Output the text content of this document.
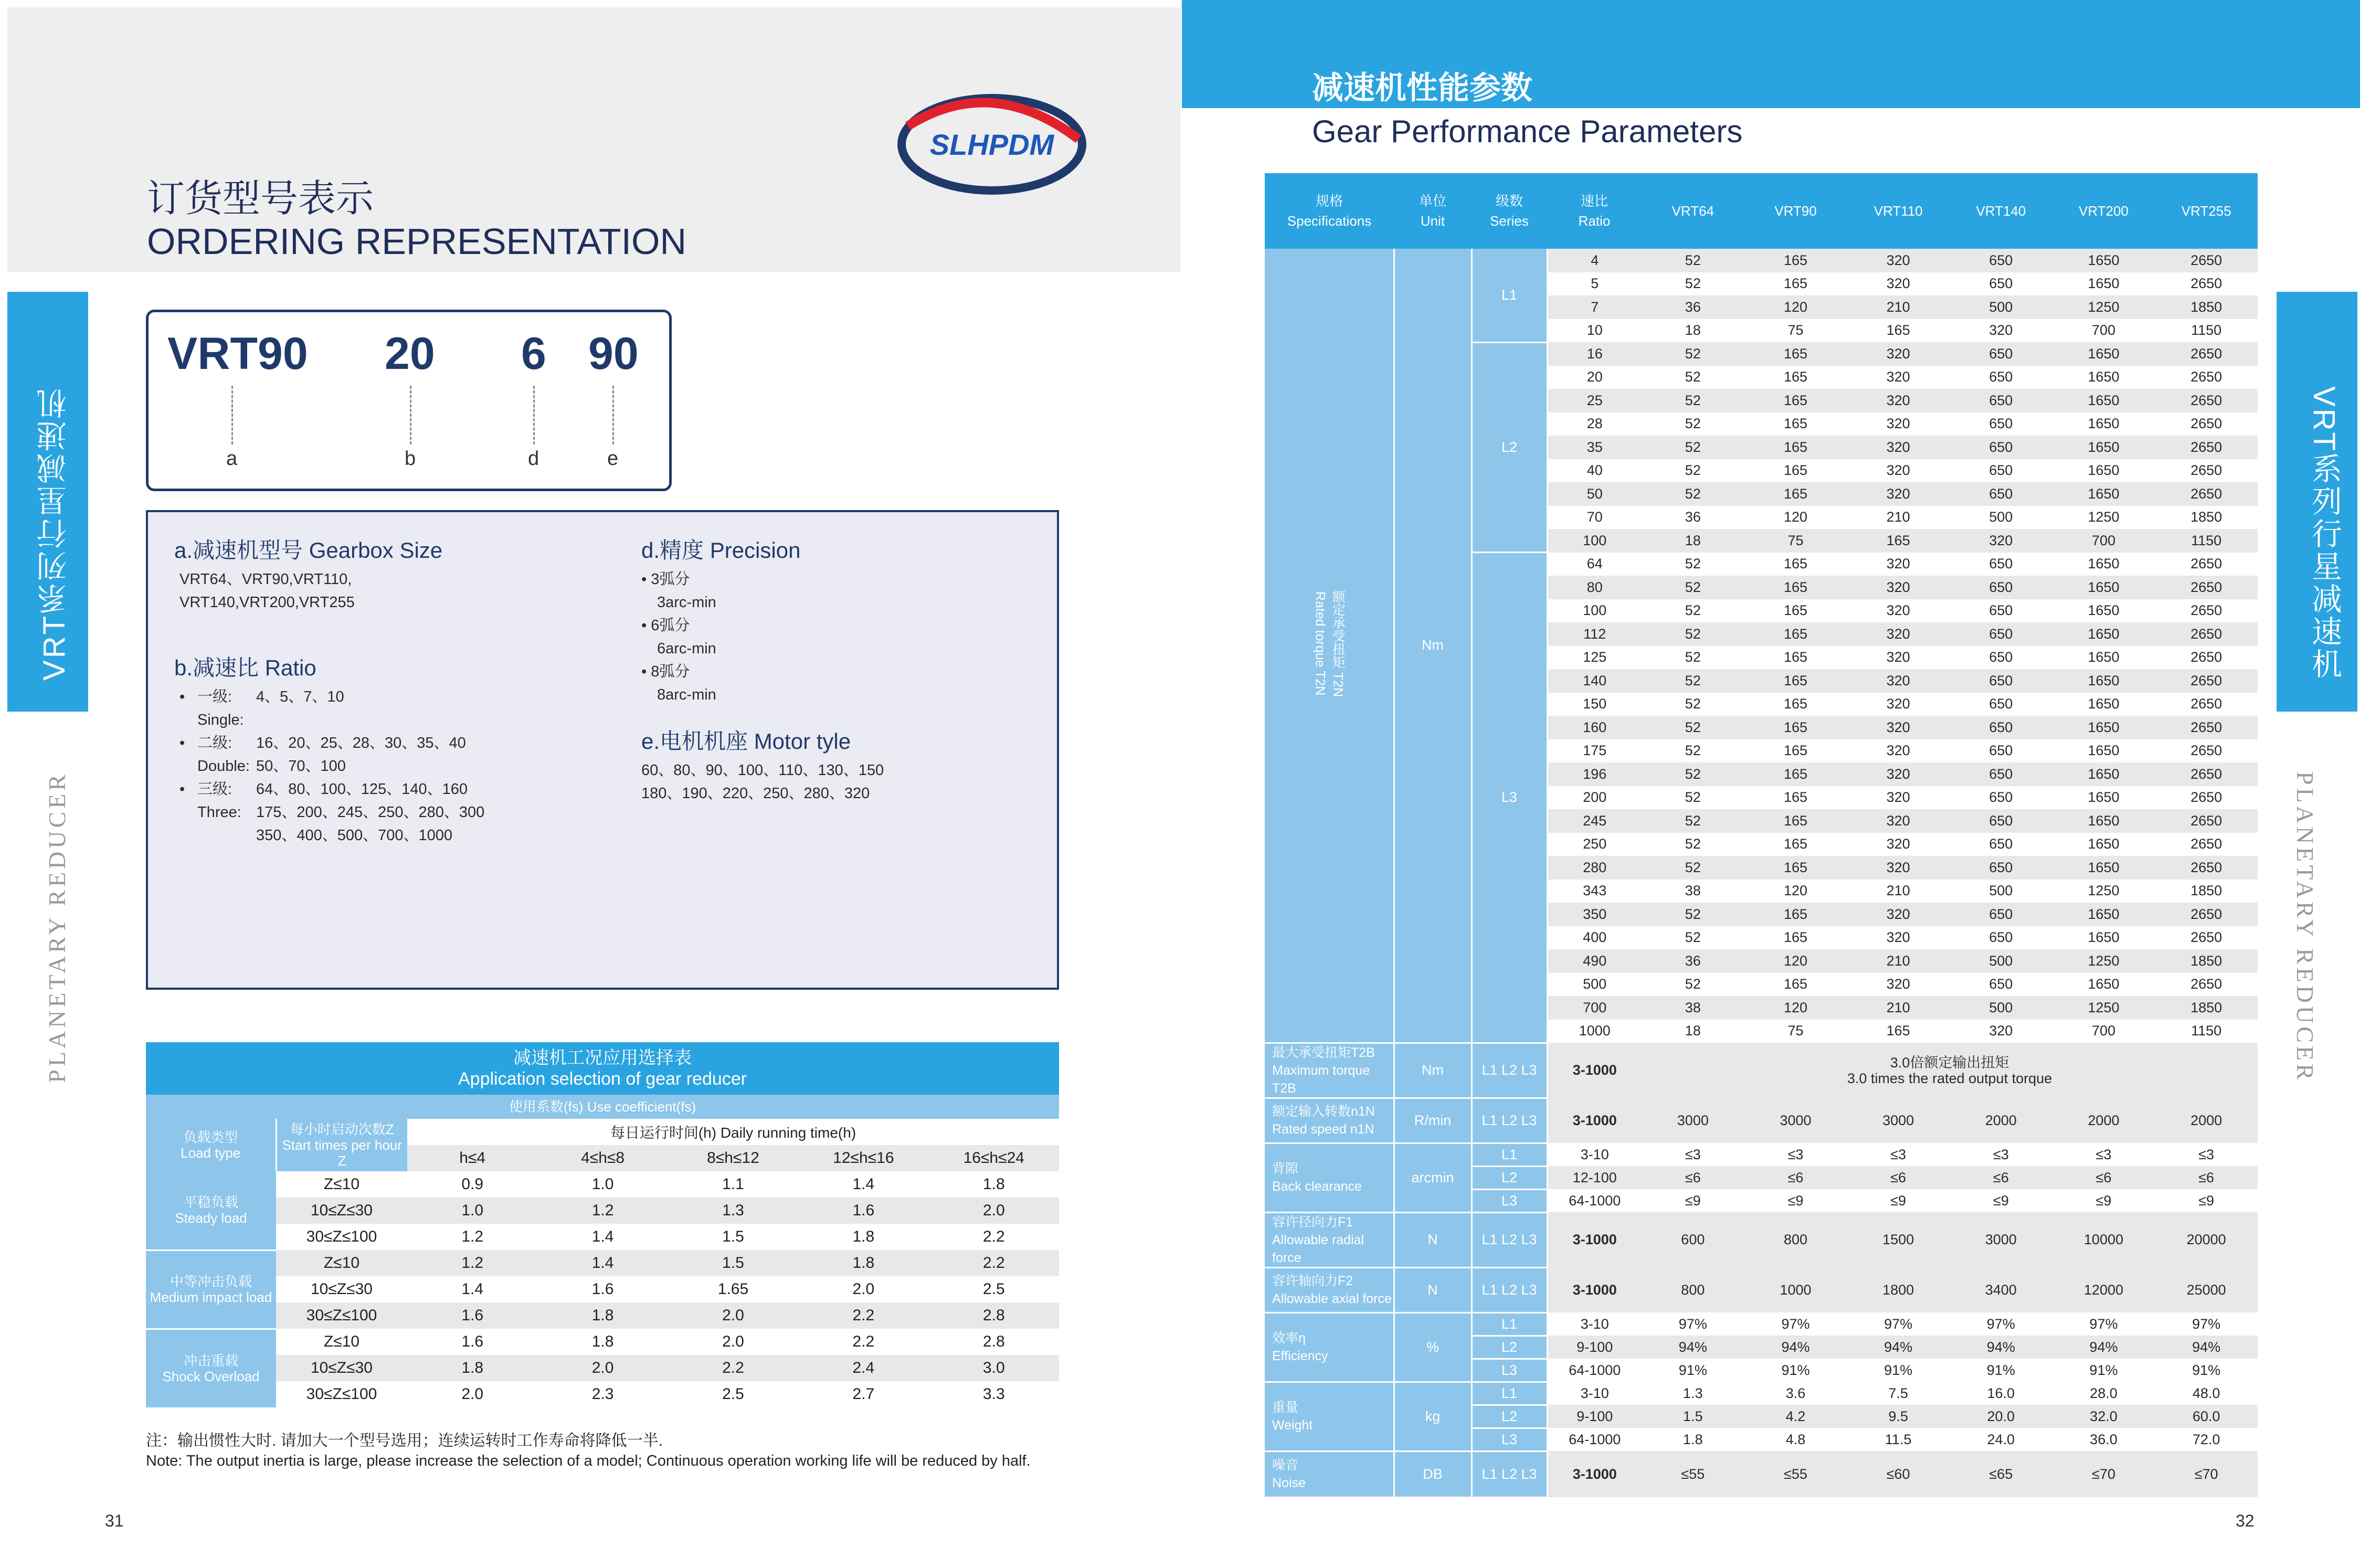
订货型号表示
ORDERING REPRESENTATION
SLHPDM
VRT系列行星减速机
PLANETARY REDUCER
VRT90 20 6 90
a	b	d	e
a.减速机型号 Gearbox Size
VRT64、VRT90,VRT110,
VRT140,VRT200,VRT255
b.减速比 Ratio
• 一级: 4、5、7、10
Single:
• 二级: 16、20、25、28、30、35、40
Double: 50、70、100
• 三级: 64、80、100、125、140、160
Three: 175、200、245、250、280、300
350、400、500、700、1000
d.精度 Precision
• 3弧分
3arc-min
• 6弧分
6arc-min
• 8弧分
8arc-min
e.电机机座 Motor tyle
60、80、90、100、110、130、150
180、190、220、250、280、320
减速机工况应用选择表
Application selection of gear reducer						

使用系数(fs) Use coefficient(fs)						
负载类型
Load type	每小时启动次数Z
Start times per hour Z	每日运行时间(h) Daily running time(h)				
		h≤4	4≤h≤8	8≤h≤12	12≤h≤16	16≤h≤24
平稳负载
Steady load	Z≤10	0.9	1.0	1.1	1.4	1.8
	10≤Z≤30	1.0	1.2	1.3	1.6	2.0
	30≤Z≤100	1.2	1.4	1.5	1.8	2.2
中等冲击负载
Medium impact load	Z≤10	1.2	1.4	1.5	1.8	2.2
	10≤Z≤30	1.4	1.6	1.65	2.0	2.5
	30≤Z≤100	1.6	1.8	2.0	2.2	2.8
冲击重载
Shock Overload	Z≤10	1.6	1.8	2.0	2.2	2.8
	10≤Z≤30	1.8	2.0	2.2	2.4	3.0
	30≤Z≤100	2.0	2.3	2.5	2.7	3.3
注：输出惯性大时. 请加大一个型号选用；连续运转时工作寿命将降低一半.
Note: The output inertia is large, please increase the selection of a model; Continuous operation working life will be reduced by half.
31
减速机性能参数
Gear Performance Parameters
VRT系列行星减速机
PLANETARY REDUCER
规格
Specifications	单位
Unit	级数
Series	速比
Ratio	VRT64	VRT90	VRT110	VRT140	VRT200	VRT255
额定承受扭矩 T2N
Rated torque T2N	Nm	L1	4	52	165	320	650	1650	2650
			5	52	165	320	650	1650	2650
			7	36	120	210	500	1250	1850
			10	18	75	165	320	700	1150
		L2	16	52	165	320	650	1650	2650
			20	52	165	320	650	1650	2650
			25	52	165	320	650	1650	2650
			28	52	165	320	650	1650	2650
			35	52	165	320	650	1650	2650
			40	52	165	320	650	1650	2650
			50	52	165	320	650	1650	2650
			70	36	120	210	500	1250	1850
			100	18	75	165	320	700	1150
		L3	64	52	165	320	650	1650	2650
			80	52	165	320	650	1650	2650
			100	52	165	320	650	1650	2650
			112	52	165	320	650	1650	2650
			125	52	165	320	650	1650	2650
			140	52	165	320	650	1650	2650
			150	52	165	320	650	1650	2650
			160	52	165	320	650	1650	2650
			175	52	165	320	650	1650	2650
			196	52	165	320	650	1650	2650
			200	52	165	320	650	1650	2650
			245	52	165	320	650	1650	2650
			250	52	165	320	650	1650	2650
			280	52	165	320	650	1650	2650
			343	38	120	210	500	1250	1850
			350	52	165	320	650	1650	2650
			400	52	165	320	650	1650	2650
			490	36	120	210	500	1250	1850
			500	52	165	320	650	1650	2650
			700	38	120	210	500	1250	1850
			1000	18	75	165	320	700	1150
最大承受扭矩T2B
Maximum torque T2B	Nm	L1 L2 L3	3-1000	3.0倍额定输出扭矩
3.0 times the rated output torque					
额定输入转数n1N
Rated speed n1N	R/min	L1 L2 L3	3-1000	3000	3000	3000	2000	2000	2000
背隙
Back clearance	arcmin	L1	3-10	≤3	≤3	≤3	≤3	≤3	≤3
		L2	12-100	≤6	≤6	≤6	≤6	≤6	≤6
		L3	64-1000	≤9	≤9	≤9	≤9	≤9	≤9
容许径向力F1
Allowable radial force	N	L1 L2 L3	3-1000	600	800	1500	3000	10000	20000
容许轴向力F2
Allowable axial force	N	L1 L2 L3	3-1000	800	1000	1800	3400	12000	25000
效率η
Efficiency	%	L1	3-10	97%	97%	97%	97%	97%	97%
		L2	9-100	94%	94%	94%	94%	94%	94%
		L3	64-1000	91%	91%	91%	91%	91%	91%
重量
Weight	kg	L1	3-10	1.3	3.6	7.5	16.0	28.0	48.0
		L2	9-100	1.5	4.2	9.5	20.0	32.0	60.0
		L3	64-1000	1.8	4.8	11.5	24.0	36.0	72.0
噪音
Noise	DB	L1 L2 L3	3-1000	≤55	≤55	≤60	≤65	≤70	≤70
32
